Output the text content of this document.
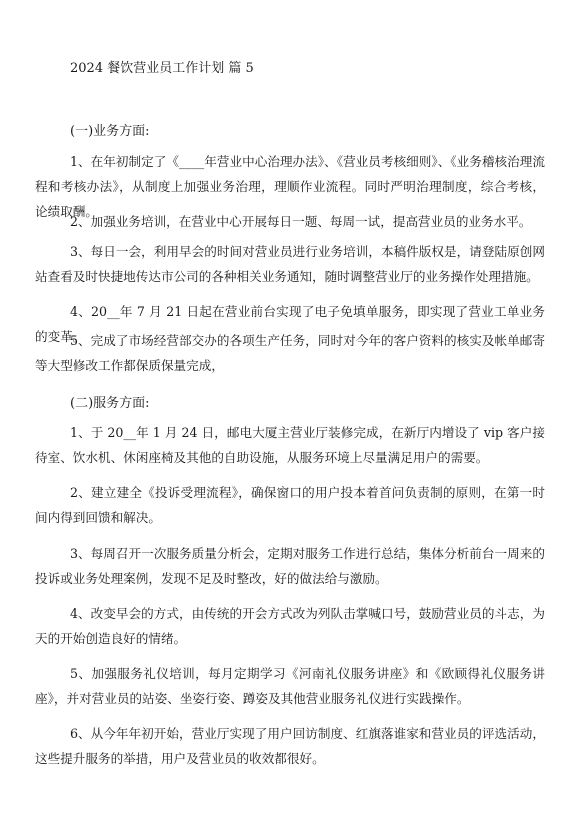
2024 餐饮营业员工作计划 篇 5
(一)业务方面:

1、在年初制定了《____年营业中心治理办法》、《营业员考核细则》、《业务稽核治理流程和考核办法》，从制度上加强业务治理，理顺作业流程。同时严明治理制度，综合考核，论绩取酬。

2、加强业务培训，在营业中心开展每日一题、每周一试，提高营业员的业务水平。

3、每日一会，利用早会的时间对营业员进行业务培训，本稿件版权是，请登陆原创网站查看及时快捷地传达市公司的各种相关业务通知，随时调整营业厅的业务操作处理措施。

4、20__年 7 月 21 日起在营业前台实现了电子免填单服务，即实现了营业工单业务的变革。

5、完成了市场经营部交办的各项生产任务，同时对今年的客户资料的核实及帐单邮寄等大型修改工作都保质保量完成，

(二)服务方面:

1、于 20__年 1 月 24 日，邮电大厦主营业厅装修完成，在新厅内增设了 vip 客户接待室、饮水机、休闲座椅及其他的自助设施，从服务环境上尽量满足用户的需要。

2、建立建全《投诉受理流程》，确保窗口的用户投本着首问负责制的原则，在第一时间内得到回馈和解决。

3、每周召开一次服务质量分析会，定期对服务工作进行总结，集体分析前台一周来的投诉或业务处理案例，发现不足及时整改，好的做法给与激励。

4、改变早会的方式，由传统的开会方式改为列队击掌喊口号，鼓励营业员的斗志，为天的开始创造良好的情绪。

5、加强服务礼仪培训，每月定期学习《河南礼仪服务讲座》和《欧顾得礼仪服务讲座》，并对营业员的站姿、坐姿行姿、蹲姿及其他营业服务礼仪进行实践操作。

6、从今年年初开始，营业厅实现了用户回访制度、红旗落谁家和营业员的评选活动，这些提升服务的举措，用户及营业员的收效都很好。
